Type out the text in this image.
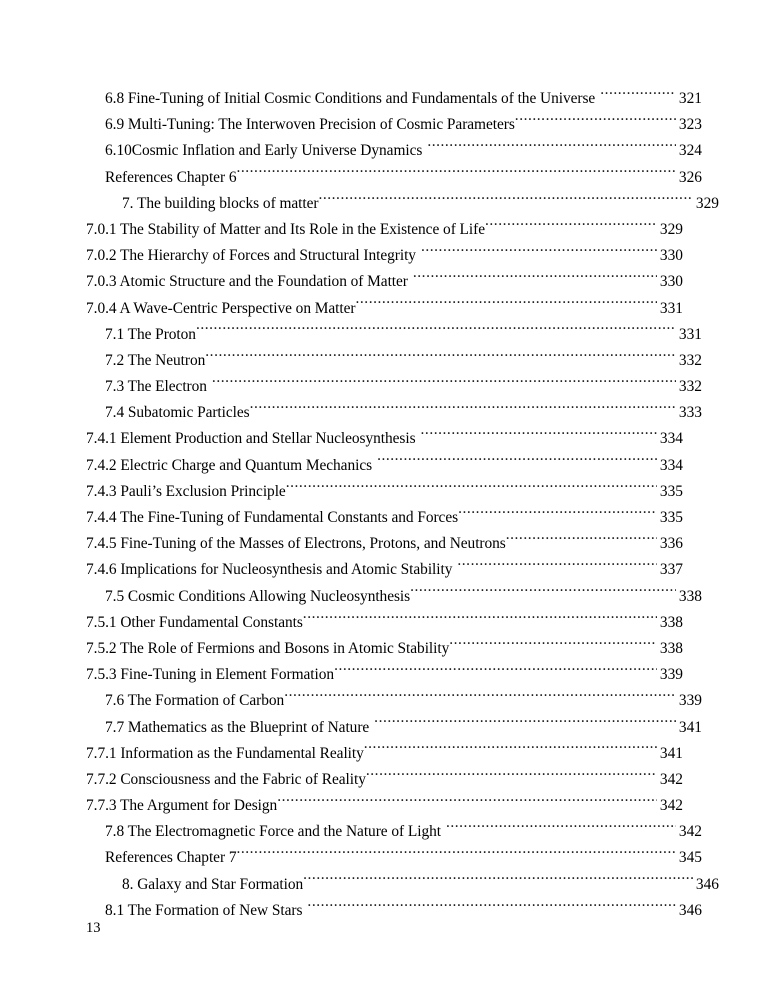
6.8 Fine-Tuning of Initial Cosmic Conditions and Fundamentals of the Universe .....	321
6.9 Multi-Tuning: The Interwoven Precision of Cosmic Parameters .....	323
6.10Cosmic Inflation and Early Universe Dynamics .....	324
References Chapter 6 .....	326
7. The building blocks of matter .....	329
7.0.1 The Stability of Matter and Its Role in the Existence of Life .....	329
7.0.2 The Hierarchy of Forces and Structural Integrity .....	330
7.0.3 Atomic Structure and the Foundation of Matter .....	330
7.0.4 A Wave-Centric Perspective on Matter .....	331
7.1 The Proton .....	331
7.2 The Neutron .....	332
7.3 The Electron .....	332
7.4 Subatomic Particles .....	333
7.4.1 Element Production and Stellar Nucleosynthesis .....	334
7.4.2 Electric Charge and Quantum Mechanics .....	334
7.4.3 Pauli’s Exclusion Principle .....	335
7.4.4 The Fine-Tuning of Fundamental Constants and Forces .....	335
7.4.5 Fine-Tuning of the Masses of Electrons, Protons, and Neutrons .....	336
7.4.6 Implications for Nucleosynthesis and Atomic Stability .....	337
7.5 Cosmic Conditions Allowing Nucleosynthesis .....	338
7.5.1 Other Fundamental Constants .....	338
7.5.2 The Role of Fermions and Bosons in Atomic Stability .....	338
7.5.3 Fine-Tuning in Element Formation .....	339
7.6 The Formation of Carbon .....	339
7.7 Mathematics as the Blueprint of Nature .....	341
7.7.1 Information as the Fundamental Reality .....	341
7.7.2 Consciousness and the Fabric of Reality .....	342
7.7.3 The Argument for Design .....	342
7.8 The Electromagnetic Force and the Nature of Light .....	342
References Chapter 7 .....	345
8. Galaxy and Star Formation .....	346
8.1 The Formation of New Stars .....	346
13
